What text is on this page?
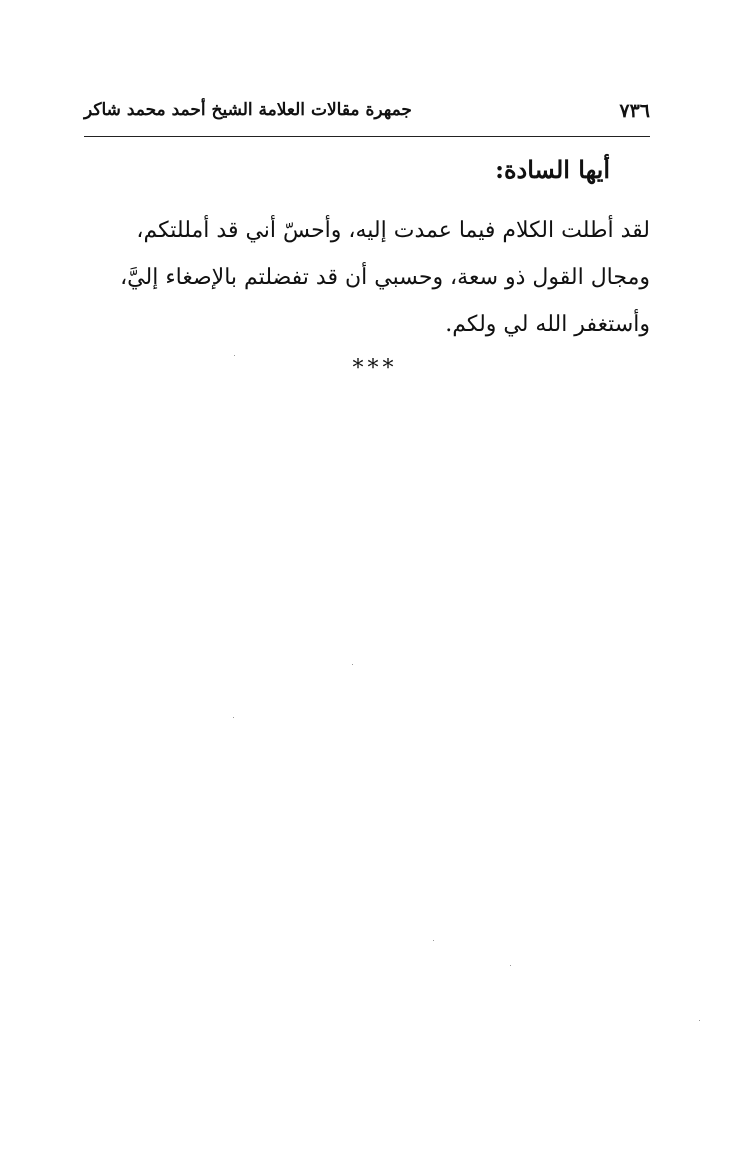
٧٣٦
جمهرة مقالات العلامة الشيخ أحمد محمد شاكر
أيها السادة:
لقد أطلت الكلام فيما عمدت إليه، وأحسّ أني قد أمللتكم،
ومجال القول ذو سعة، وحسبي أن قد تفضلتم بالإصغاء إليَّ،
وأستغفر الله لي ولكم.
***
